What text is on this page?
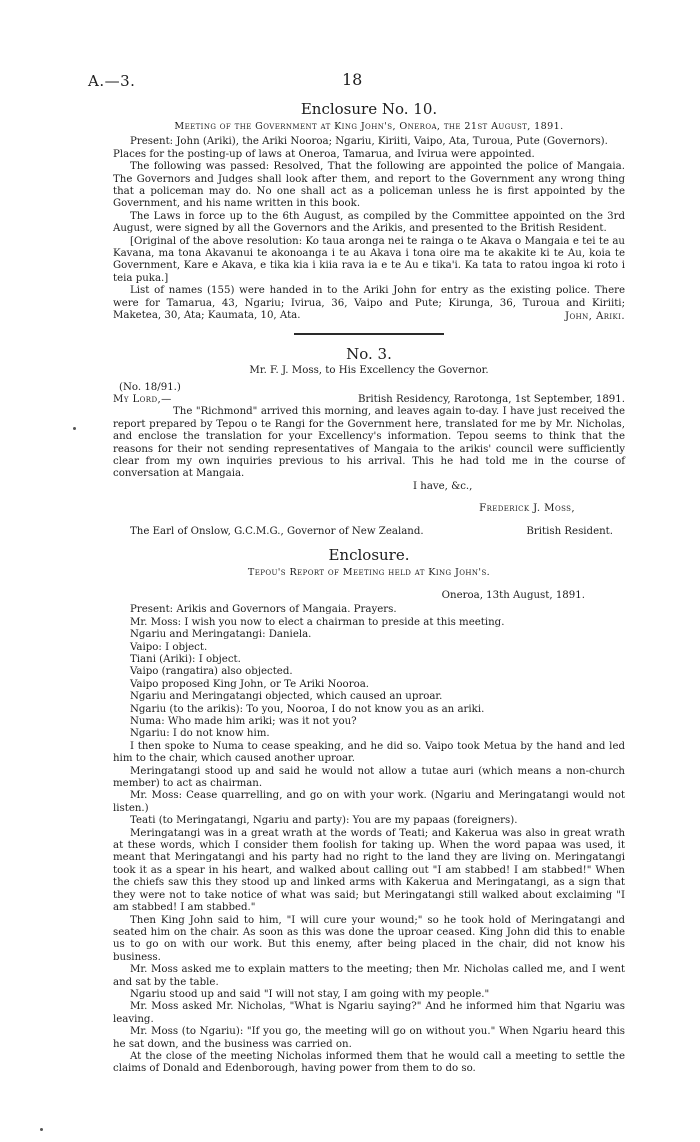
A.—3.	18
Enclosure No. 10.

Meeting of the Government at King John's, Oneroa, the 21st August, 1891.

Present: John (Ariki), the Ariki Nooroa; Ngariu, Kiriiti, Vaipo, Ata, Turoua, Pute (Governors).

Places for the posting-up of laws at Oneroa, Tamarua, and Ivirua were appointed.

The following was passed: Resolved, That the following are appointed the police of Mangaia. The Governors and Judges shall look after them, and report to the Government any wrong thing that a policeman may do. No one shall act as a policeman unless he is first appointed by the Government, and his name written in this book.

The Laws in force up to the 6th August, as compiled by the Committee appointed on the 3rd August, were signed by all the Governors and the Arikis, and presented to the British Resident.

[Original of the above resolution: Ko taua aronga nei te rainga o te Akava o Mangaia e tei te au Kavana, ma tona Akavanui te akonoanga i te au Akava i tona oire ma te akakite ki te Au, koia te Government, Kare e Akava, e tika kia i kiia rava ia e te Au e tika'i. Ka tata to ratou ingoa ki roto i teia puka.]

List of names (155) were handed in to the Ariki John for entry as the existing police. There were for Tamarua, 43, Ngariu; Ivirua, 36, Vaipo and Pute; Kirunga, 36, Turoua and Kiriiti; Maketea, 30, Ata; Kaumata, 10, Ata.	John, Ariki.

No. 3.

Mr. F. J. Moss, to His Excellency the Governor.

(No. 18/91.)

My Lord,—	British Residency, Rarotonga, 1st September, 1891.

The "Richmond" arrived this morning, and leaves again to-day. I have just received the report prepared by Tepou o te Rangi for the Government here, translated for me by Mr. Nicholas, and enclose the translation for your Excellency's information. Tepou seems to think that the reasons for their not sending representatives of Mangaia to the arikis' council were sufficiently clear from my own inquiries previous to his arrival. This he had told me in the course of conversation at Mangaia.

I have, &c.,

Frederick J. Moss,

The Earl of Onslow, G.C.M.G., Governor of New Zealand.	British Resident.
Enclosure.

Tepou's Report of Meeting held at King John's.

Oneroa, 13th August, 1891.

Present: Arikis and Governors of Mangaia. Prayers.

Mr. Moss: I wish you now to elect a chairman to preside at this meeting.

Ngariu and Meringatangi: Daniela.

Vaipo: I object.

Tiani (Ariki): I object.

Vaipo (rangatira) also objected.

Vaipo proposed King John, or Te Ariki Nooroa.

Ngariu and Meringatangi objected, which caused an uproar.

Ngariu (to the arikis): To you, Nooroa, I do not know you as an ariki.

Numa: Who made him ariki; was it not you?

Ngariu: I do not know him.

I then spoke to Numa to cease speaking, and he did so. Vaipo took Metua by the hand and led him to the chair, which caused another uproar.

Meringatangi stood up and said he would not allow a tutae auri (which means a non-church member) to act as chairman.

Mr. Moss: Cease quarrelling, and go on with your work. (Ngariu and Meringatangi would not listen.)

Teati (to Meringatangi, Ngariu and party): You are my papaas (foreigners).

Meringatangi was in a great wrath at the words of Teati; and Kakerua was also in great wrath at these words, which I consider them foolish for taking up. When the word papaa was used, it meant that Meringatangi and his party had no right to the land they are living on. Meringatangi took it as a spear in his heart, and walked about calling out "I am stabbed! I am stabbed!" When the chiefs saw this they stood up and linked arms with Kakerua and Meringatangi, as a sign that they were not to take notice of what was said; but Meringatangi still walked about exclaiming "I am stabbed! I am stabbed."

Then King John said to him, "I will cure your wound;" so he took hold of Meringatangi and seated him on the chair. As soon as this was done the uproar ceased. King John did this to enable us to go on with our work. But this enemy, after being placed in the chair, did not know his business.

Mr. Moss asked me to explain matters to the meeting; then Mr. Nicholas called me, and I went and sat by the table.

Ngariu stood up and said "I will not stay, I am going with my people."

Mr. Moss asked Mr. Nicholas, "What is Ngariu saying?" And he informed him that Ngariu was leaving.

Mr. Moss (to Ngariu): "If you go, the meeting will go on without you." When Ngariu heard this he sat down, and the business was carried on.

At the close of the meeting Nicholas informed them that he would call a meeting to settle the claims of Donald and Edenborough, having power from them to do so.
